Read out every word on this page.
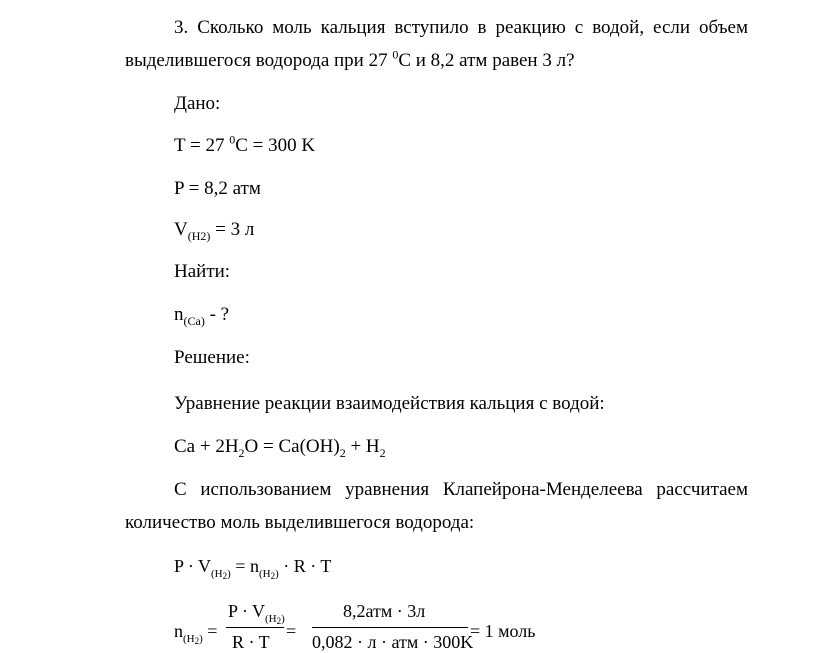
3. Сколько моль кальция вступило в реакцию с водой, если объем
выделившегося водорода при 27 $^0$С и 8,2 атм равен 3 л?
Дано:
T = 27 $^0$C = 300 K
P = 8,2 атм
$V_{(H2)} = 3$ л
Найти:
$n_{(Ca)}$ - ?
Решение:
Уравнение реакции взаимодействия кальция с водой:
$Ca + 2H_2O = Ca(OH)_2 + H_2$
С использованием уравнения Клапейрона-Менделеева рассчитаем
количество моль выделившегося водорода:
$P \cdot V_{(H2)} = n_{(H2)} \cdot R \cdot T$
$n_{(H2)}$ =
$P \cdot V_{(H2)}$
R · T
=
8,2атм · 3л
0,082 · л · атм · 300K
= 1 моль
